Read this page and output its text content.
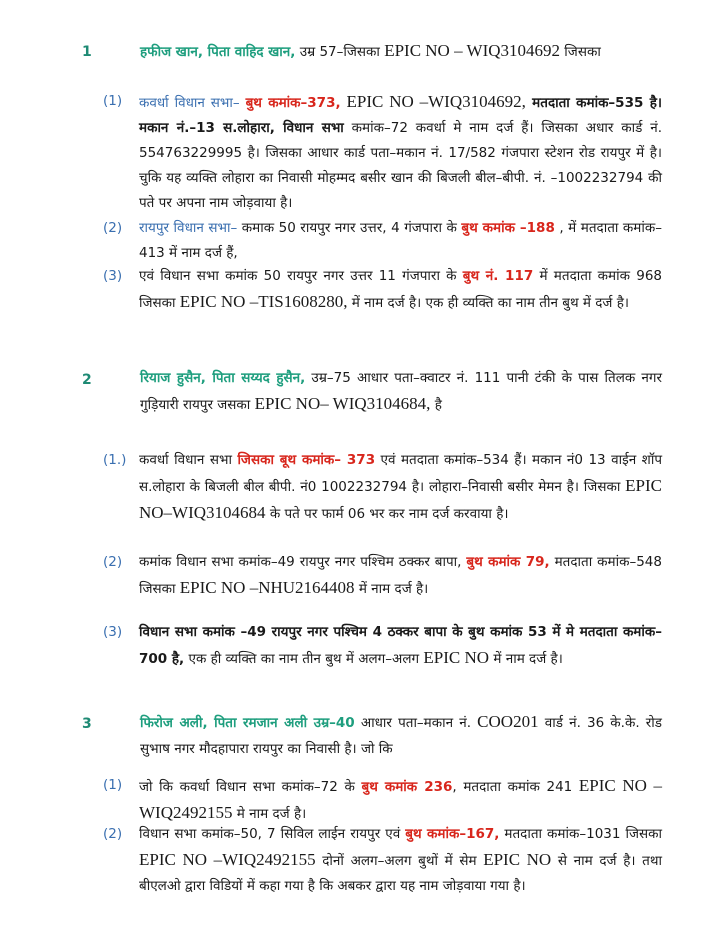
1	हफीज खान, पिता वाहिद खान, उम्र 57–जिसका EPIC NO – WIQ3104692 जिसका
(1) कवर्धा विधान सभा– बुथ कमांक–373, EPIC NO –WIQ3104692, मतदाता कमांक–535 है। मकान नं.–13 स.लोहारा, विधान सभा कमांक–72 कवर्धा मे नाम दर्ज हैं। जिसका अधार कार्ड नं. 554763229995 है। जिसका आधार कार्ड पता–मकान नं. 17/582 गंजपारा स्टेशन रोड रायपुर में है। चुकि यह व्यक्ति लोहारा का निवासी मोहम्मद बसीर खान की बिजली बील–बीपी. नं. –1002232794 की पते पर अपना नाम जोड़वाया है।
(2) रायपुर विधान सभा– कमाक 50 रायपुर नगर उत्तर, 4 गंजपारा के बुथ कमांक –188 , में मतदाता कमांक–413 में नाम दर्ज हैं,
(3) एवं विधान सभा कमांक 50 रायपुर नगर उत्तर 11 गंजपारा के बुथ नं. 117 में मतदाता कमांक 968 जिसका EPIC NO –TIS1608280, में नाम दर्ज है। एक ही व्यक्ति का नाम तीन बुथ में दर्ज है।
2	रियाज हुसैन, पिता सय्यद हुसैन, उम्र–75 आधार पता–क्वाटर नं. 111 पानी टंकी के पास तिलक नगर गुड़ियारी रायपुर जसका EPIC NO– WIQ3104684, है
(1.) कवर्धा विधान सभा जिसका बूथ कमांक– 373 एवं मतदाता कमांक–534 हैं। मकान नं0 13 वाईन शॉप स.लोहारा के बिजली बील बीपी. नं0 1002232794 है। लोहारा–निवासी बसीर मेमन है। जिसका EPIC NO–WIQ3104684 के पते पर फार्म 06 भर कर नाम दर्ज करवाया है।
(2) कमांक विधान सभा कमांक–49 रायपुर नगर पश्चिम ठक्कर बापा, बुथ कमांक 79, मतदाता कमांक–548 जिसका EPIC NO –NHU2164408 में नाम दर्ज है।
(3) विधान सभा कमांक –49 रायपुर नगर पश्चिम 4 ठक्कर बापा के बुथ कमांक 53 में मे मतदाता कमांक–700 है, एक ही व्यक्ति का नाम तीन बुथ में अलग–अलग EPIC NO में नाम दर्ज है।
3	फिरोज अली, पिता रमजान अली उम्र–40 आधार पता–मकान नं. COO201 वार्ड नं. 36 के.के. रोड सुभाष नगर मौदहापारा रायपुर का निवासी है। जो कि
(1) जो कि कवर्धा विधान सभा कमांक–72 के बुथ कमांक 236, मतदाता कमांक 241 EPIC NO –WIQ2492155 मे नाम दर्ज है।
(2) विधान सभा कमांक–50, 7 सिविल लाईन रायपुर एवं बुथ कमांक–167, मतदाता कमांक–1031 जिसका EPIC NO –WIQ2492155 दोनों अलग–अलग बुथों में सेम EPIC NO से नाम दर्ज है। तथा बीएलओ द्वारा विडियों में कहा गया है कि अबकर द्वारा यह नाम जोड़वाया गया है।
